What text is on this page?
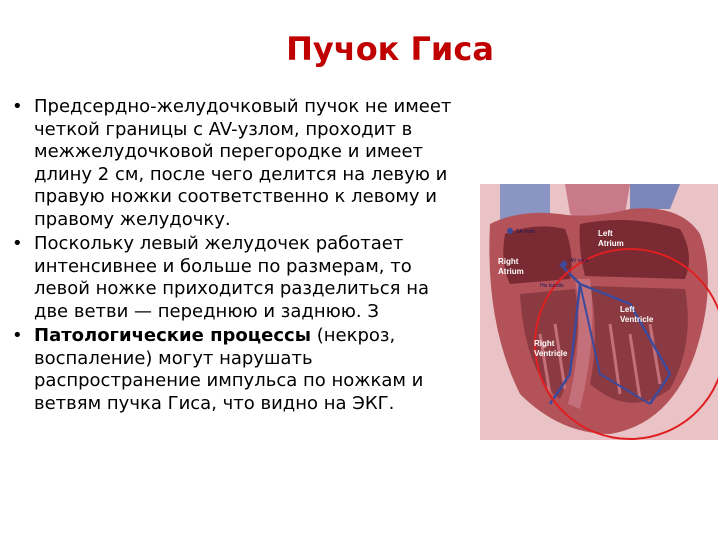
Пучок Гиса
• Предсердно-желудочковый пучок не имеет четкой границы с AV-узлом, проходит в межжелудочковой перегородке и имеет длину 2 см, после чего делится на левую и правую ножки соответственно к левому и правому желудочку.
• Поскольку левый желудочек работает интенсивнее и больше по размерам, то левой ножке приходится разделиться на две ветви — переднюю и заднюю. З
• Патологические процессы (некроз, воспаление) могут нарушать распространение импульса по ножкам и ветвям пучка Гиса, что видно на ЭКГ.
SA node
AV node
His bundle
Left
Atrium
Right
Atrium
Left
Ventricle
Right
Ventricle
